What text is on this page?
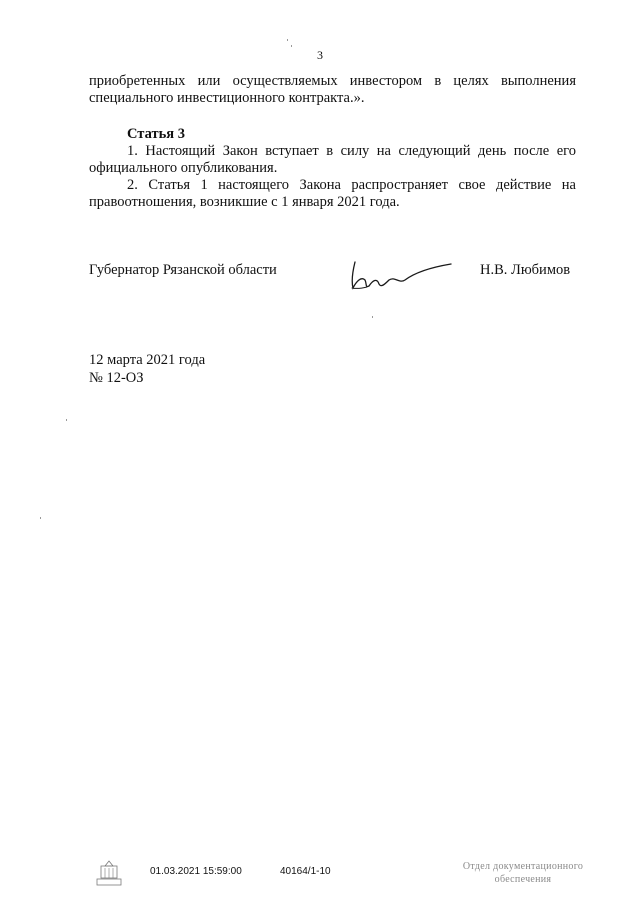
3
приобретенных или осуществляемых инвестором в целях выполнения
специального инвестиционного контракта.».
Статья 3
1. Настоящий Закон вступает в силу на следующий день после его
официального опубликования.
2. Статья 1 настоящего Закона распространяет свое действие на
правоотношения, возникшие с 1 января 2021 года.
Губернатор Рязанской области	Н.В. Любимов
12 марта 2021 года
№ 12-ОЗ
01.03.2021 15:59:00	40164/1-10	Отдел документационного
обеспечения
